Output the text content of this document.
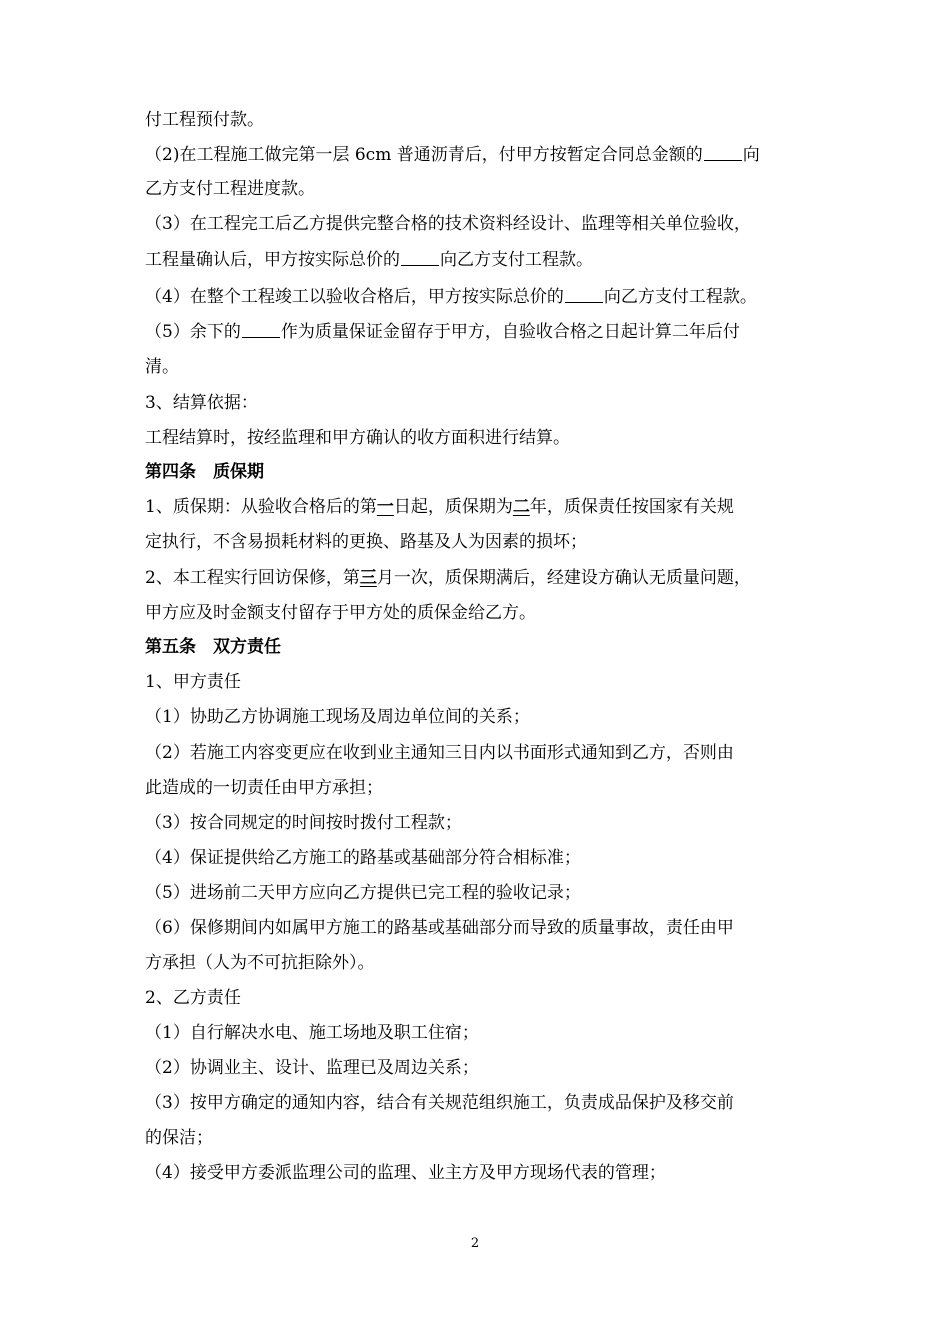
付工程预付款。
（2)在工程施工做完第一层 6cm 普通沥青后，付甲方按暂定合同总金额的 向
乙方支付工程进度款。
（3）在工程完工后乙方提供完整合格的技术资料经设计、监理等相关单位验收，
工程量确认后，甲方按实际总价的 向乙方支付工程款。
（4）在整个工程竣工以验收合格后，甲方按实际总价的 向乙方支付工程款。
（5）余下的 作为质量保证金留存于甲方，自验收合格之日起计算二年后付
清。
3、结算依据：
工程结算时，按经监理和甲方确认的收方面积进行结算。
第四条　质保期
1、质保期：从验收合格后的第一日起，质保期为二年，质保责任按国家有关规
定执行，不含易损耗材料的更换、路基及人为因素的损坏；
2、本工程实行回访保修，第三月一次，质保期满后，经建设方确认无质量问题，
甲方应及时金额支付留存于甲方处的质保金给乙方。
第五条　双方责任
1、甲方责任
（1）协助乙方协调施工现场及周边单位间的关系；
（2）若施工内容变更应在收到业主通知三日内以书面形式通知到乙方，否则由
此造成的一切责任由甲方承担；
（3）按合同规定的时间按时拨付工程款；
（4）保证提供给乙方施工的路基或基础部分符合相标准；
（5）进场前二天甲方应向乙方提供已完工程的验收记录；
（6）保修期间内如属甲方施工的路基或基础部分而导致的质量事故，责任由甲
方承担（人为不可抗拒除外）。
2、乙方责任
（1）自行解决水电、施工场地及职工住宿；
（2）协调业主、设计、监理已及周边关系；
（3）按甲方确定的通知内容，结合有关规范组织施工，负责成品保护及移交前
的保洁；
（4）接受甲方委派监理公司的监理、业主方及甲方现场代表的管理；
2
